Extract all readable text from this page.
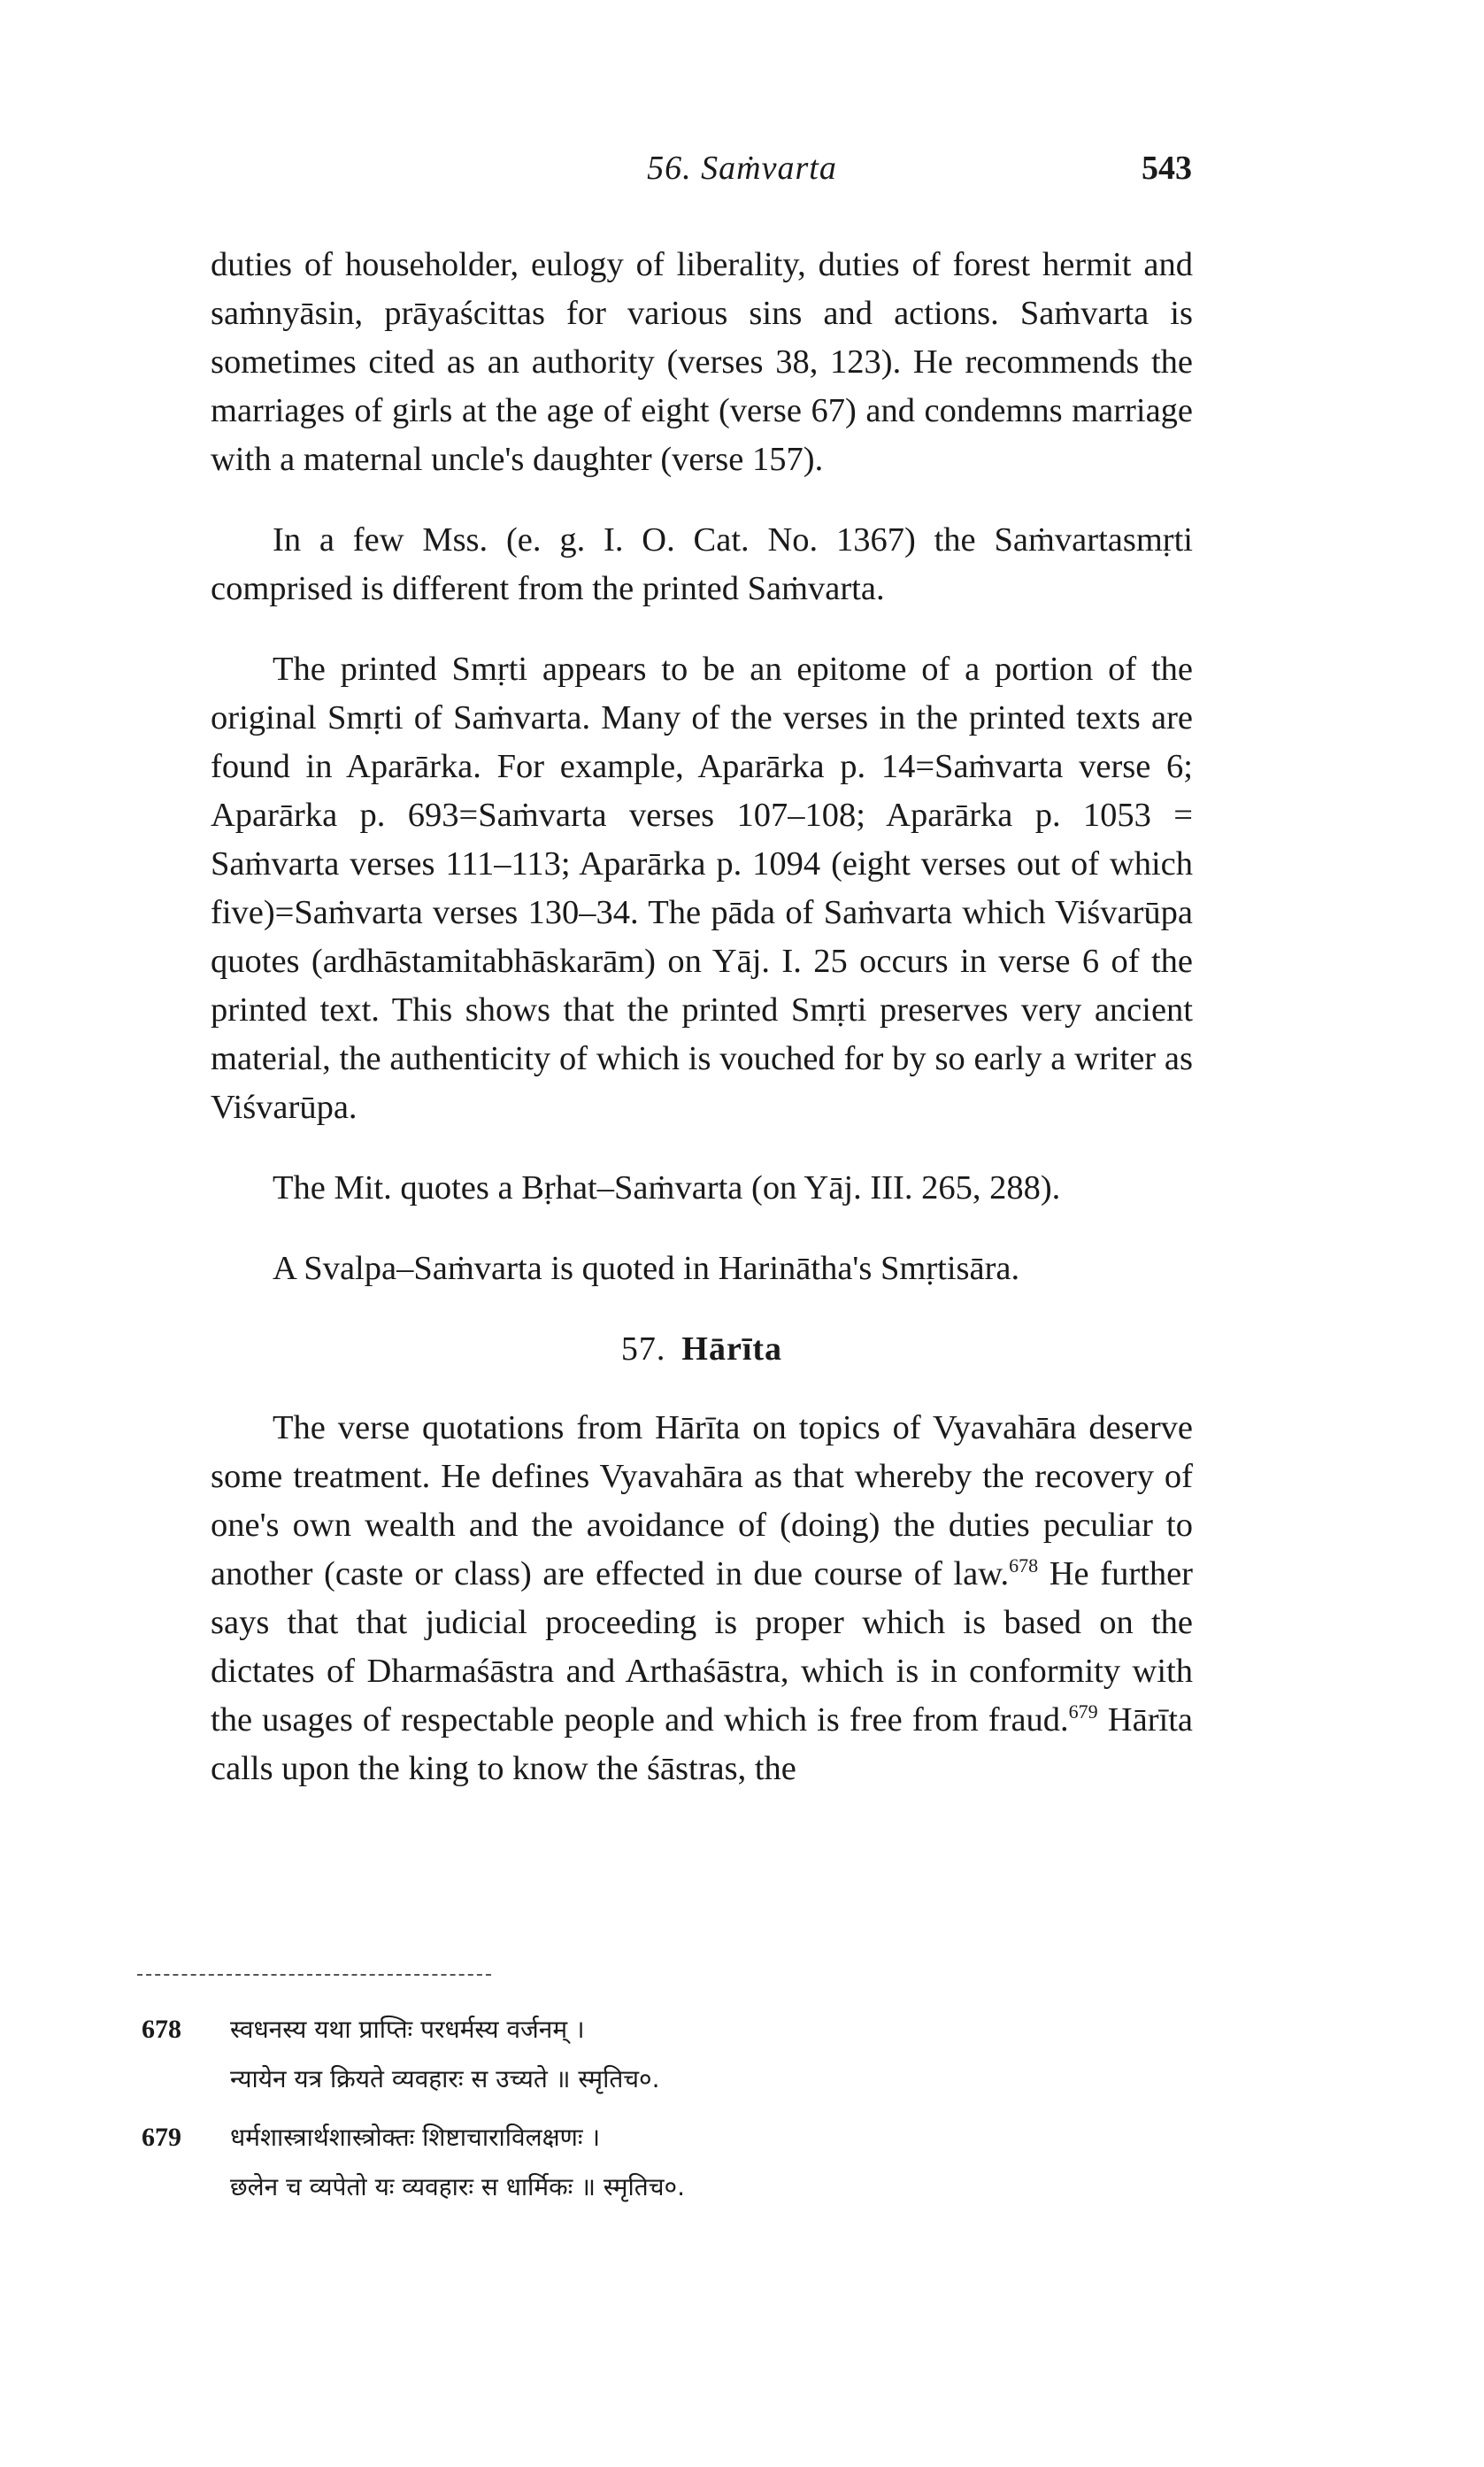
56. Saṁvarta	543

duties of householder, eulogy of liberality, duties of forest hermit and saṁnyāsin, prāyaścittas for various sins and actions. Saṁvarta is sometimes cited as an authority (verses 38, 123). He recommends the marriages of girls at the age of eight (verse 67) and condemns marriage with a maternal uncle's daughter (verse 157).

In a few Mss. (e. g. I. O. Cat. No. 1367) the Saṁvartasmṛti comprised is different from the printed Saṁvarta.

The printed Smṛti appears to be an epitome of a portion of the original Smṛti of Saṁvarta. Many of the verses in the printed texts are found in Aparārka. For example, Aparārka p. 14=Saṁvarta verse 6; Aparārka p. 693=Saṁvarta verses 107–108; Aparārka p. 1053 = Saṁvarta verses 111–113; Aparārka p. 1094 (eight verses out of which five)=Saṁvarta verses 130–34. The pāda of Saṁvarta which Viśvarūpa quotes (ardhāstamitabhāskarām) on Yāj. I. 25 occurs in verse 6 of the printed text. This shows that the printed Smṛti preserves very ancient material, the authenticity of which is vouched for by so early a writer as Viśvarūpa.

The Mit. quotes a Bṛhat–Saṁvarta (on Yāj. III. 265, 288).

A Svalpa–Saṁvarta is quoted in Harinātha's Smṛtisāra.

57. Hārīta

The verse quotations from Hārīta on topics of Vyavahāra deserve some treatment. He defines Vyavahāra as that whereby the recovery of one's own wealth and the avoidance of (doing) the duties peculiar to another (caste or class) are effected in due course of law.$^{678}$ He further says that that judicial proceeding is proper which is based on the dictates of Dharmaśāstra and Arthaśāstra, which is in conformity with the usages of respectable people and which is free from fraud.$^{679}$ Hārīta calls upon the king to know the śāstras, the

678	स्वधनस्य यथा प्राप्तिः परधर्मस्य वर्जनम् ।
न्यायेन यत्र क्रियते व्यवहारः स उच्यते ॥ स्मृतिच०.
679	धर्मशास्त्रार्थशास्त्रोक्तः शिष्टाचाराविलक्षणः ।
छलेन च व्यपेतो यः व्यवहारः स धार्मिकः ॥ स्मृतिच०.
